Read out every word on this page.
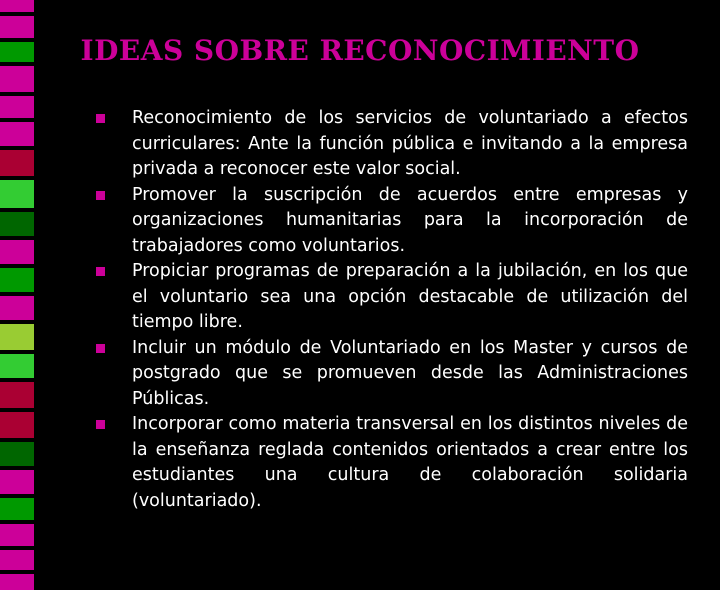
IDEAS SOBRE RECONOCIMIENTO
Reconocimiento de los servicios de voluntariado a efectos curriculares: Ante la función pública e invitando a la empresa privada a reconocer este valor social.
Promover la suscripción de acuerdos entre empresas y organizaciones humanitarias para la incorporación de trabajadores como voluntarios.
Propiciar programas de preparación a la jubilación, en los que el voluntario sea una opción destacable de utilización del tiempo libre.
Incluir un módulo de Voluntariado en los Master y cursos de postgrado que se promueven desde las Administraciones Públicas.
Incorporar como materia transversal en los distintos niveles de la enseñanza reglada contenidos orientados a crear entre los estudiantes una cultura de colaboración solidaria (voluntariado).
